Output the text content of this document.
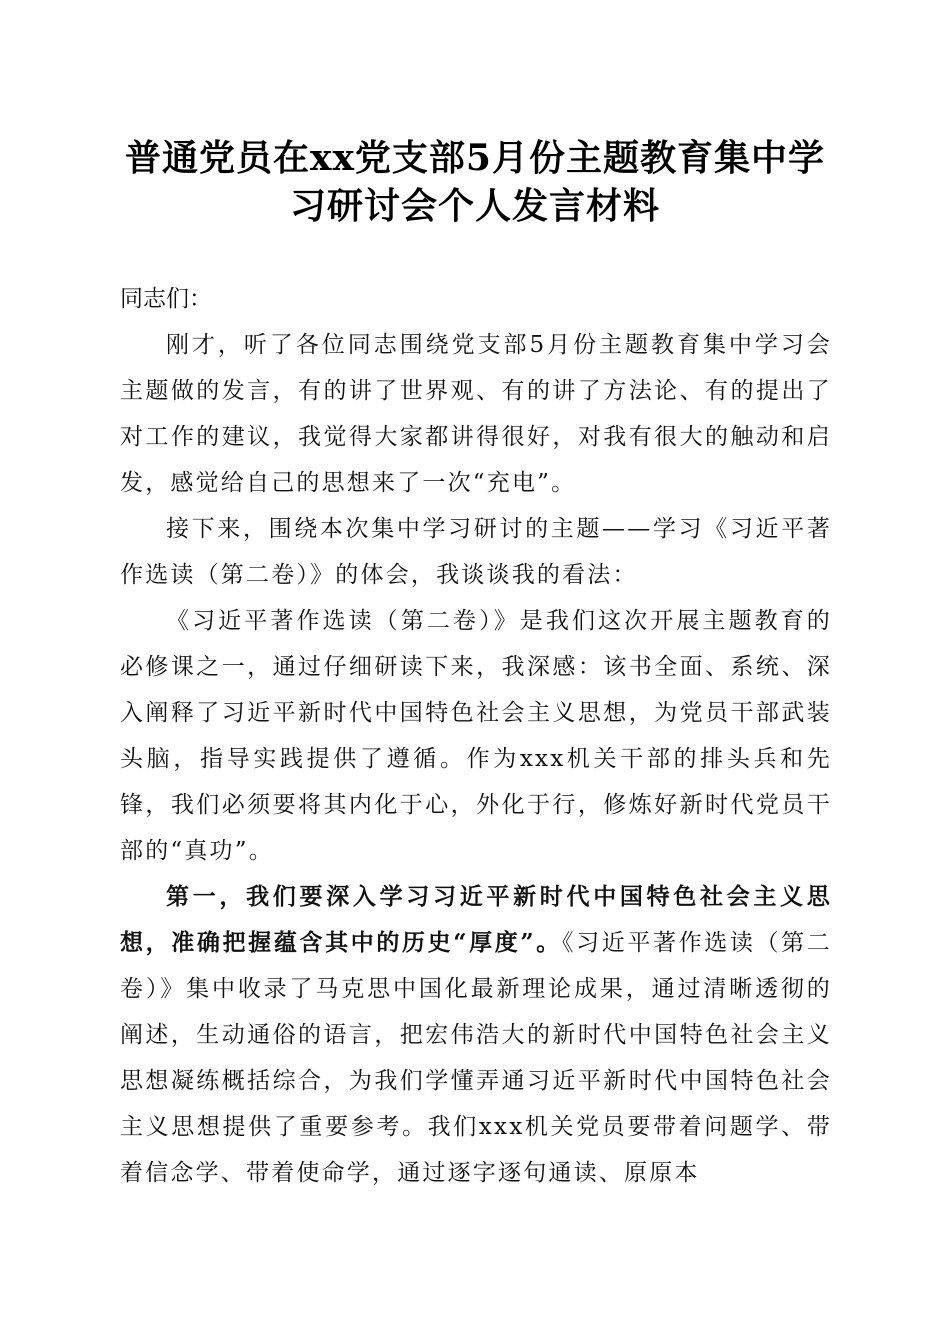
普通党员在xx党支部5月份主题教育集中学
习研讨会个人发言材料

同志们：

刚才，听了各位同志围绕党支部5月份主题教育集中学习会主题做的发言，有的讲了世界观、有的讲了方法论、有的提出了对工作的建议，我觉得大家都讲得很好，对我有很大的触动和启发，感觉给自己的思想来了一次“充电”。

接下来，围绕本次集中学习研讨的主题——学习《习近平著作选读（第二卷）》的体会，我谈谈我的看法：

《习近平著作选读（第二卷）》是我们这次开展主题教育的必修课之一，通过仔细研读下来，我深感：该书全面、系统、深入阐释了习近平新时代中国特色社会主义思想，为党员干部武装头脑，指导实践提供了遵循。作为xxx机关干部的排头兵和先锋，我们必须要将其内化于心，外化于行，修炼好新时代党员干部的“真功”。

第一，我们要深入学习习近平新时代中国特色社会主义思想，准确把握蕴含其中的历史“厚度”。《习近平著作选读（第二卷）》集中收录了马克思中国化最新理论成果，通过清晰透彻的阐述，生动通俗的语言，把宏伟浩大的新时代中国特色社会主义思想凝练概括综合，为我们学懂弄通习近平新时代中国特色社会主义思想提供了重要参考。我们xxx机关党员要带着问题学、带着信念学、带着使命学，通过逐字逐句通读、原原本
